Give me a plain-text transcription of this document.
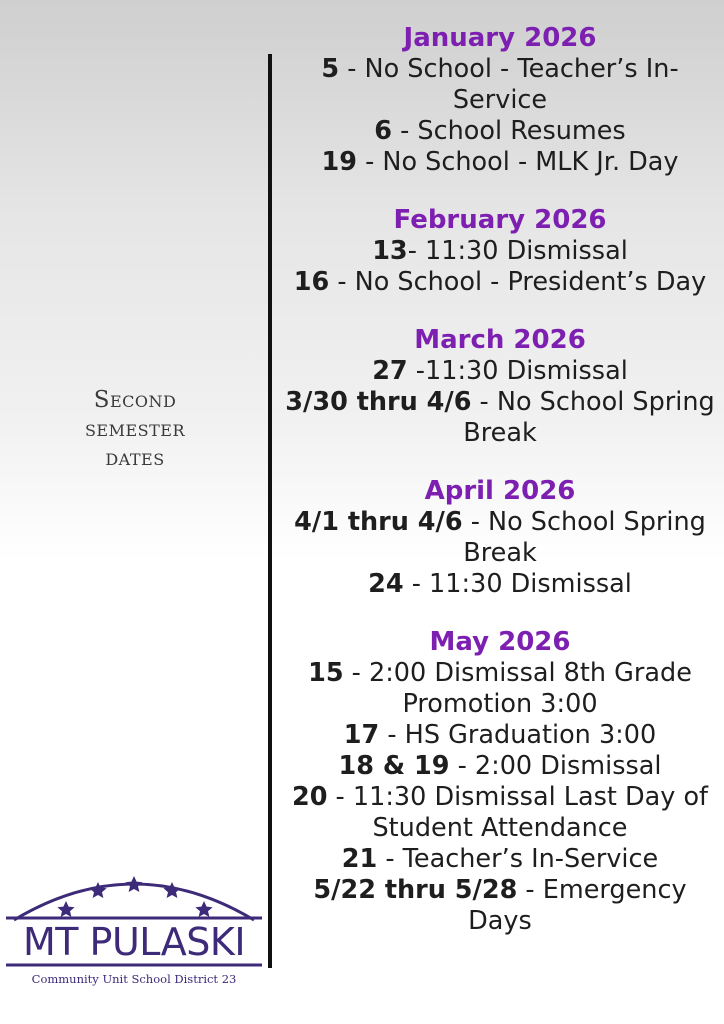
Second
semester
dates
January 2026
5 - No School - Teacher’s In-Service
6 - School Resumes
19 - No School - MLK Jr. Day
February 2026
13- 11:30 Dismissal
16 - No School - President’s Day
March 2026
27 -11:30 Dismissal
3/30 thru 4/6 - No School Spring Break
April 2026
4/1 thru 4/6 - No School Spring Break
24 - 11:30 Dismissal
May 2026
15 - 2:00 Dismissal 8th Grade Promotion 3:00
17 - HS Graduation 3:00
18 & 19 - 2:00 Dismissal
20 - 11:30 Dismissal Last Day of Student Attendance
21 - Teacher’s In-Service
5/22 thru 5/28 - Emergency Days
MT PULASKI
Community Unit School District 23
